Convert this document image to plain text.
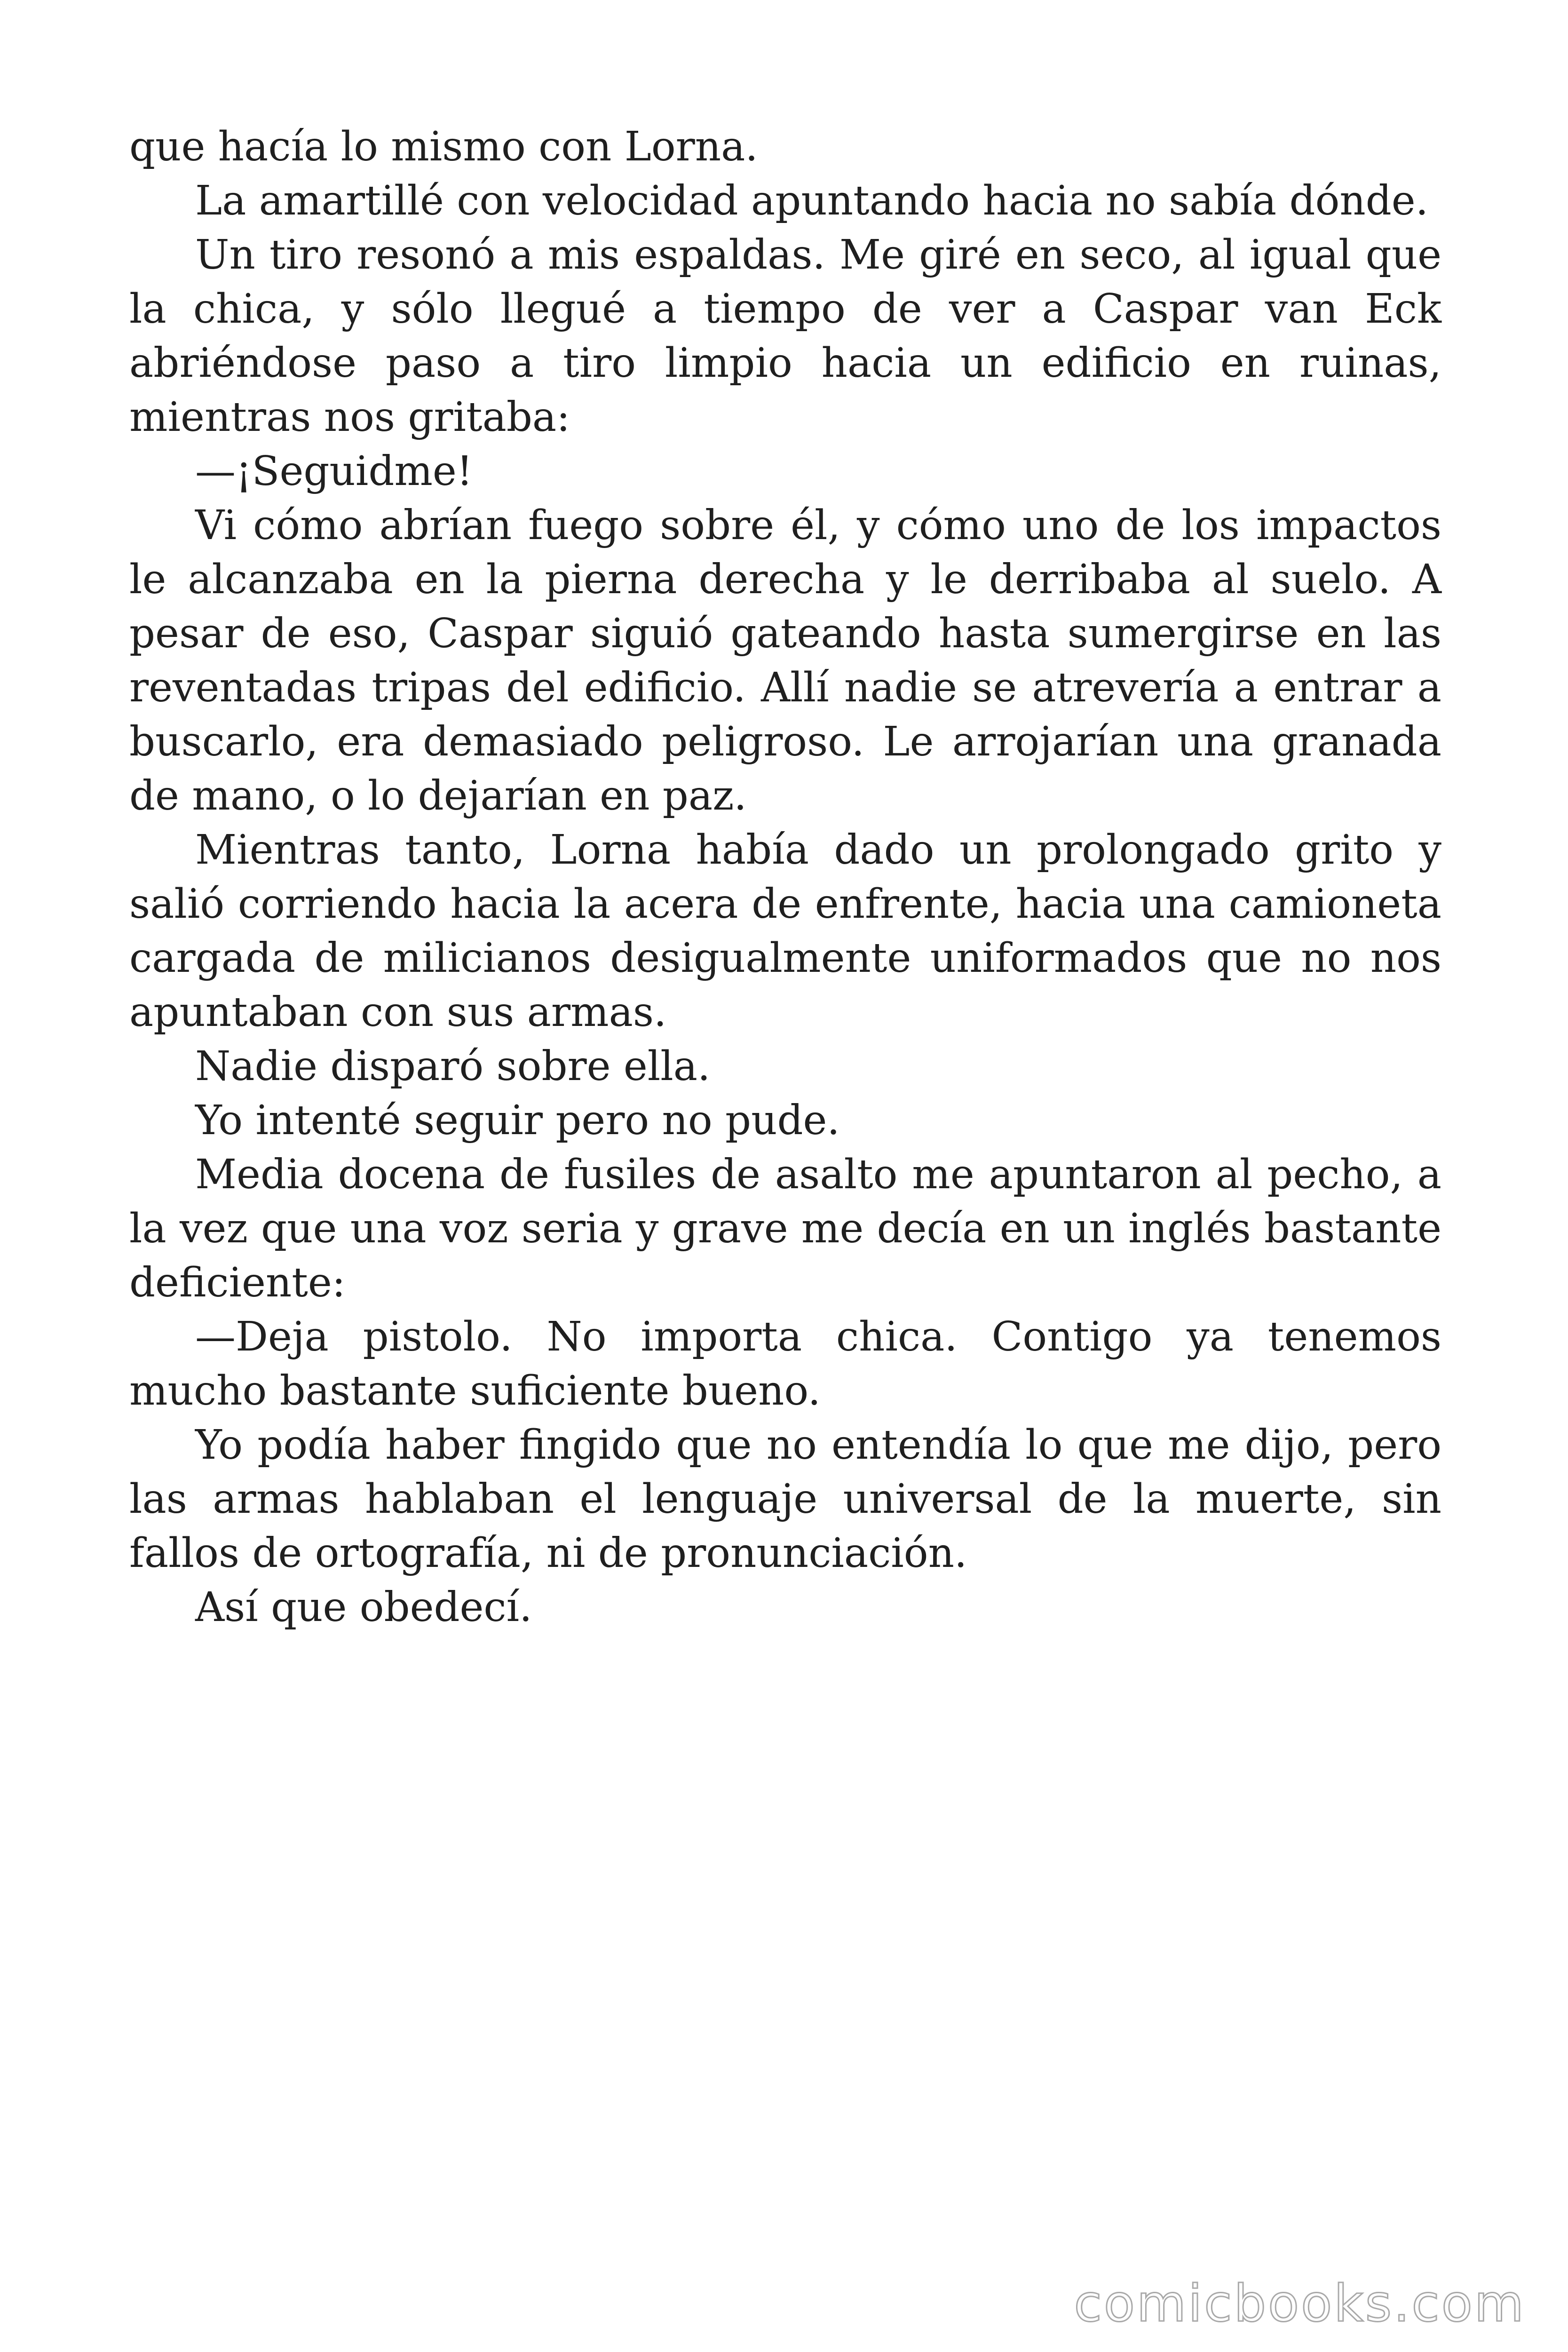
que hacía lo mismo con Lorna.

La amartillé con velocidad apuntando hacia no sabía dónde.

Un tiro resonó a mis espaldas. Me giré en seco, al igual que la chica, y sólo llegué a tiempo de ver a Caspar van Eck abriéndose paso a tiro limpio hacia un edificio en ruinas, mientras nos gritaba:

—¡Seguidme!

Vi cómo abrían fuego sobre él, y cómo uno de los impactos le alcanzaba en la pierna derecha y le derribaba al suelo. A pesar de eso, Caspar siguió gateando hasta sumergirse en las reventadas tripas del edificio. Allí nadie se atrevería a entrar a buscarlo, era demasiado peligroso. Le arrojarían una granada de mano, o lo dejarían en paz.

Mientras tanto, Lorna había dado un prolongado grito y salió corriendo hacia la acera de enfrente, hacia una camioneta cargada de milicianos desigualmente uniformados que no nos apuntaban con sus armas.

Nadie disparó sobre ella.

Yo intenté seguir pero no pude.

Media docena de fusiles de asalto me apuntaron al pecho, a la vez que una voz seria y grave me decía en un inglés bastante deficiente:

—Deja pistolo. No importa chica. Contigo ya tenemos mucho bastante suficiente bueno.

Yo podía haber fingido que no entendía lo que me dijo, pero las armas hablaban el lenguaje universal de la muerte, sin fallos de ortografía, ni de pronunciación.

Así que obedecí.

comicbooks.com
